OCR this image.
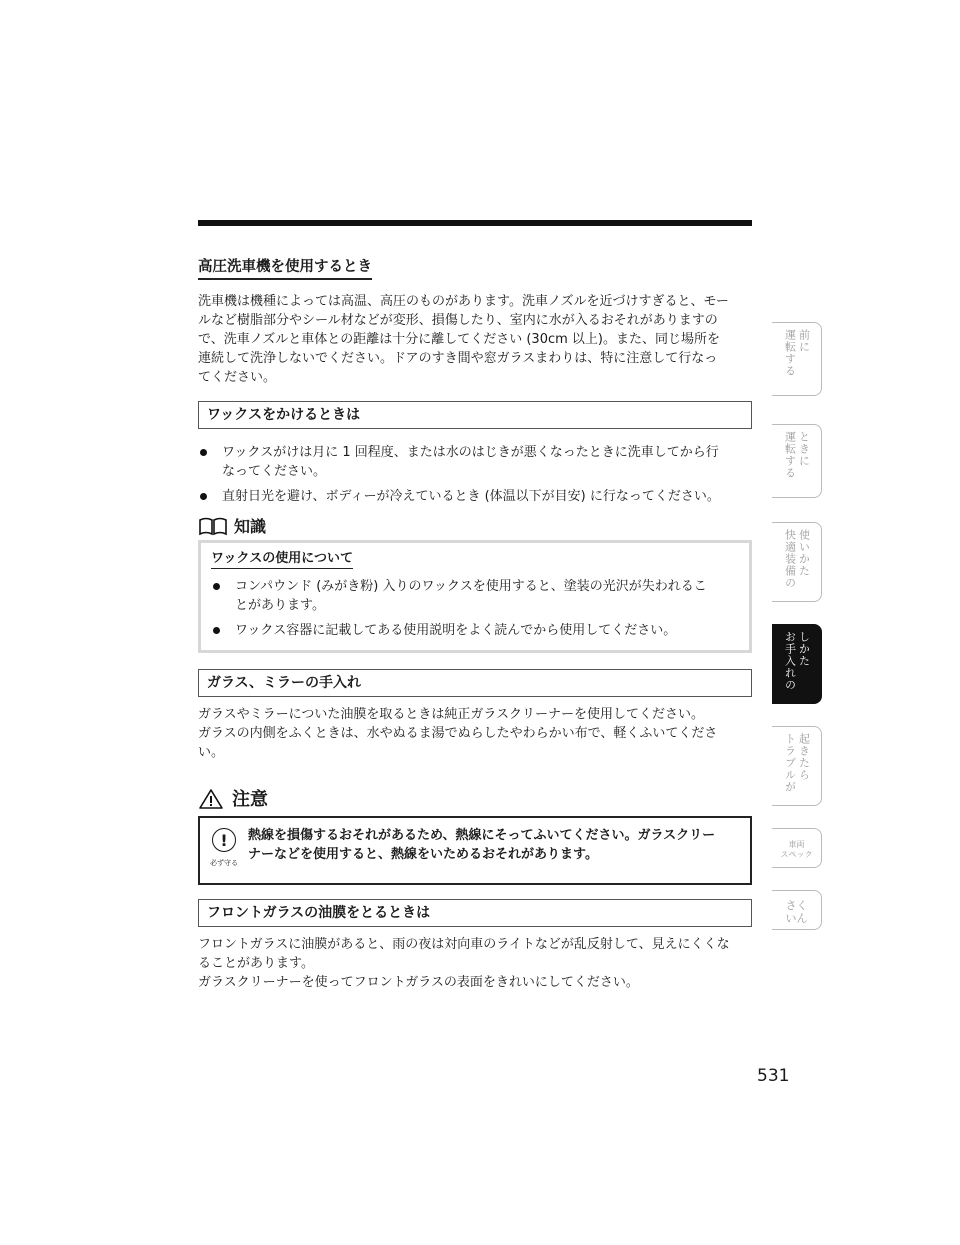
高圧洗車機を使用するとき
洗車機は機種によっては高温、高圧のものがあります。洗車ノズルを近づけすぎると、モー
ルなど樹脂部分やシール材などが変形、損傷したり、室内に水が入るおそれがありますの
で、洗車ノズルと車体との距離は十分に離してください (30cm 以上)。また、同じ場所を
連続して洗浄しないでください。ドアのすき間や窓ガラスまわりは、特に注意して行なっ
てください。
ワックスをかけるときは
ワックスがけは月に 1 回程度、または水のはじきが悪くなったときに洗車してから行
なってください。
直射日光を避け、ボディーが冷えているとき (体温以下が目安) に行なってください。
知識
ワックスの使用について
コンパウンド (みがき粉) 入りのワックスを使用すると、塗装の光沢が失われるこ
とがあります。
ワックス容器に記載してある使用説明をよく読んでから使用してください。
ガラス、ミラーの手入れ
ガラスやミラーについた油膜を取るときは純正ガラスクリーナーを使用してください。
ガラスの内側をふくときは、水やぬるま湯でぬらしたやわらかい布で、軽くふいてくださ
い。
注意
!
必ず守る
熱線を損傷するおそれがあるため、熱線にそってふいてください。ガラスクリー
ナーなどを使用すると、熱線をいためるおそれがあります。
フロントガラスの油膜をとるときは
フロントガラスに油膜があると、雨の夜は対向車のライトなどが乱反射して、見えにくくな
ることがあります。
ガラスクリーナーを使ってフロントガラスの表面をきれいにしてください。
運転する 前に
運転する ときに
快適装備の 使いかた
お手入れの しかた
トラブルが 起きたら
車両
スペック
さく
いん
531
